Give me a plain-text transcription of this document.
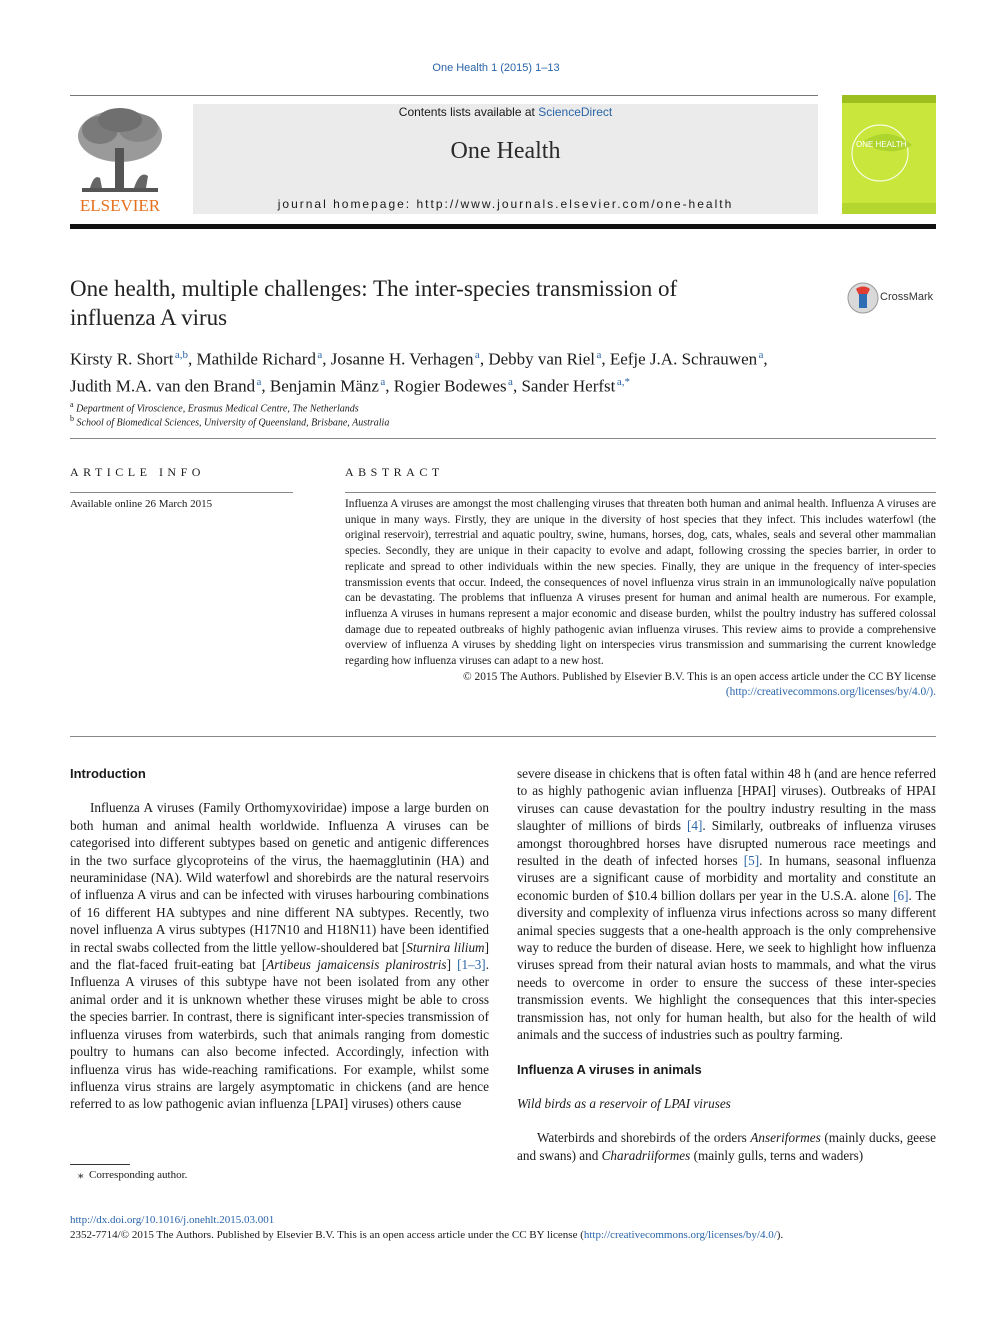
One Health 1 (2015) 1–13
ELSEVIER
Contents lists available at ScienceDirect
One Health
journal homepage: http://www.journals.elsevier.com/one-health
ONE HEALTH
One health, multiple challenges: The inter-species transmission of
influenza A virus
CrossMark
Kirsty R. Short $^{a,b}$, Mathilde Richard $^a$, Josanne H. Verhagen $^a$, Debby van Riel $^a$, Eefje J.A. Schrauwen $^a$,
Judith M.A. van den Brand $^a$, Benjamin Mänz $^a$, Rogier Bodewes $^a$, Sander Herfst $^{a,*}$
$^a$ Department of Viroscience, Erasmus Medical Centre, The Netherlands
$^b$ School of Biomedical Sciences, University of Queensland, Brisbane, Australia
ARTICLE INFO
Available online 26 March 2015
ABSTRACT

Influenza A viruses are amongst the most challenging viruses that threaten both human and animal health. Influenza A viruses are unique in many ways. Firstly, they are unique in the diversity of host species that they infect. This includes waterfowl (the original reservoir), terrestrial and aquatic poultry, swine, humans, horses, dog, cats, whales, seals and several other mammalian species. Secondly, they are unique in their capacity to evolve and adapt, following crossing the species barrier, in order to replicate and spread to other individuals within the new species. Finally, they are unique in the frequency of inter-species transmission events that occur. Indeed, the consequences of novel influenza virus strain in an immunologically naïve population can be devastating. The problems that influenza A viruses present for human and animal health are numerous. For example, influenza A viruses in humans represent a major economic and disease burden, whilst the poultry industry has suffered colossal damage due to repeated outbreaks of highly pathogenic avian influenza viruses. This review aims to provide a comprehensive overview of influenza A viruses by shedding light on interspecies virus transmission and summarising the current knowledge regarding how influenza viruses can adapt to a new host.

© 2015 The Authors. Published by Elsevier B.V. This is an open access article under the CC BY license

(http://creativecommons.org/licenses/by/4.0/).

Introduction

Influenza A viruses (Family Orthomyxoviridae) impose a large burden on both human and animal health worldwide. Influenza A viruses can be categorised into different subtypes based on genetic and antigenic differences in the two surface glycoproteins of the virus, the haemagglutinin (HA) and neuraminidase (NA). Wild waterfowl and shorebirds are the natural reservoirs of influenza A virus and can be infected with viruses harbouring combinations of 16 different HA subtypes and nine different NA subtypes. Recently, two novel influenza A virus subtypes (H17N10 and H18N11) have been identified in rectal swabs collected from the little yellow-shouldered bat [Sturnira lilium] and the flat-faced fruit-eating bat [Artibeus jamaicensis planirostris] [1–3]. Influenza A viruses of this subtype have not been isolated from any other animal order and it is unknown whether these viruses might be able to cross the species barrier. In contrast, there is significant inter-species transmission of influenza viruses from waterbirds, such that animals ranging from domestic poultry to humans can also become infected. Accordingly, infection with influenza virus has wide-reaching ramifications. For example, whilst some influenza virus strains are largely asymptomatic in chickens (and are hence referred to as low pathogenic avian influenza [LPAI] viruses) others cause

severe disease in chickens that is often fatal within 48 h (and are hence referred to as highly pathogenic avian influenza [HPAI] viruses). Outbreaks of HPAI viruses can cause devastation for the poultry industry resulting in the mass slaughter of millions of birds [4]. Similarly, outbreaks of influenza viruses amongst thoroughbred horses have disrupted numerous race meetings and resulted in the death of infected horses [5]. In humans, seasonal influenza viruses are a significant cause of morbidity and mortality and constitute an economic burden of $10.4 billion dollars per year in the U.S.A. alone [6]. The diversity and complexity of influenza virus infections across so many different animal species suggests that a one-health approach is the only comprehensive way to reduce the burden of disease. Here, we seek to highlight how influenza viruses spread from their natural avian hosts to mammals, and what the virus needs to overcome in order to ensure the success of these inter-species transmission events. We highlight the consequences that this inter-species transmission has, not only for human health, but also for the health of wild animals and the success of industries such as poultry farming.

Influenza A viruses in animals

Wild birds as a reservoir of LPAI viruses

Waterbirds and shorebirds of the orders Anseriformes (mainly ducks, geese and swans) and Charadriiformes (mainly gulls, terns and waders)

⁎ Corresponding author.
http://dx.doi.org/10.1016/j.onehlt.2015.03.001
2352-7714/© 2015 The Authors. Published by Elsevier B.V. This is an open access article under the CC BY license (http://creativecommons.org/licenses/by/4.0/).
